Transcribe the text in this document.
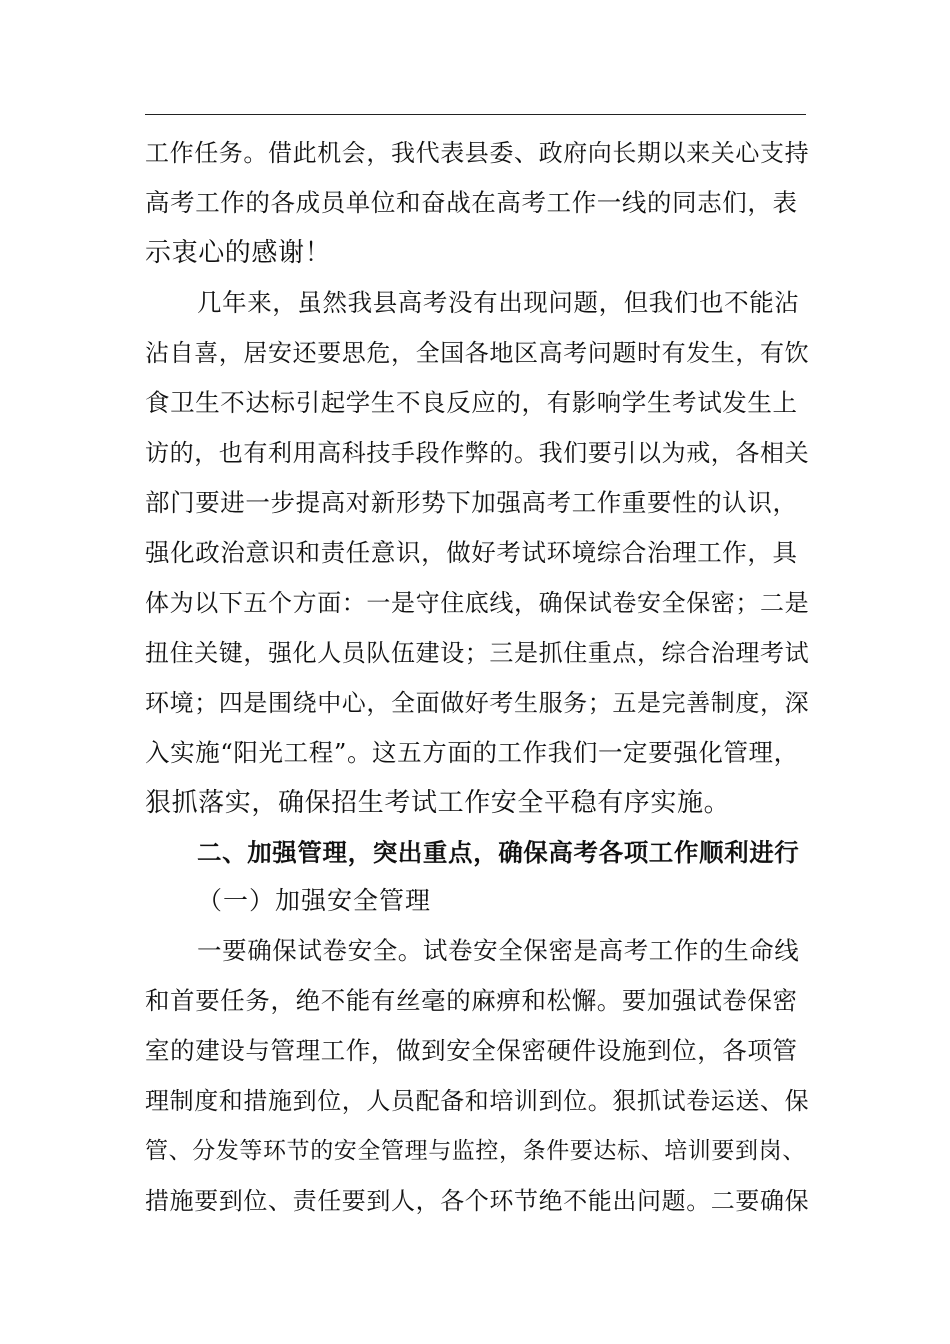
工作任务。借此机会，我代表县委、政府向长期以来关心支持
高考工作的各成员单位和奋战在高考工作一线的同志们，表
示衷心的感谢！
几年来，虽然我县高考没有出现问题，但我们也不能沾
沾自喜，居安还要思危，全国各地区高考问题时有发生，有饮
食卫生不达标引起学生不良反应的，有影响学生考试发生上
访的，也有利用高科技手段作弊的。我们要引以为戒，各相关
部门要进一步提高对新形势下加强高考工作重要性的认识，
强化政治意识和责任意识，做好考试环境综合治理工作，具
体为以下五个方面：一是守住底线，确保试卷安全保密；二是
扭住关键，强化人员队伍建设；三是抓住重点，综合治理考试
环境；四是围绕中心，全面做好考生服务；五是完善制度，深
入实施“阳光工程”。这五方面的工作我们一定要强化管理，
狠抓落实，确保招生考试工作安全平稳有序实施。
二、加强管理，突出重点，确保高考各项工作顺利进行
（一）加强安全管理
一要确保试卷安全。试卷安全保密是高考工作的生命线
和首要任务，绝不能有丝毫的麻痹和松懈。要加强试卷保密
室的建设与管理工作，做到安全保密硬件设施到位，各项管
理制度和措施到位，人员配备和培训到位。狠抓试卷运送、保
管、分发等环节的安全管理与监控，条件要达标、培训要到岗、
措施要到位、责任要到人，各个环节绝不能出问题。二要确保
